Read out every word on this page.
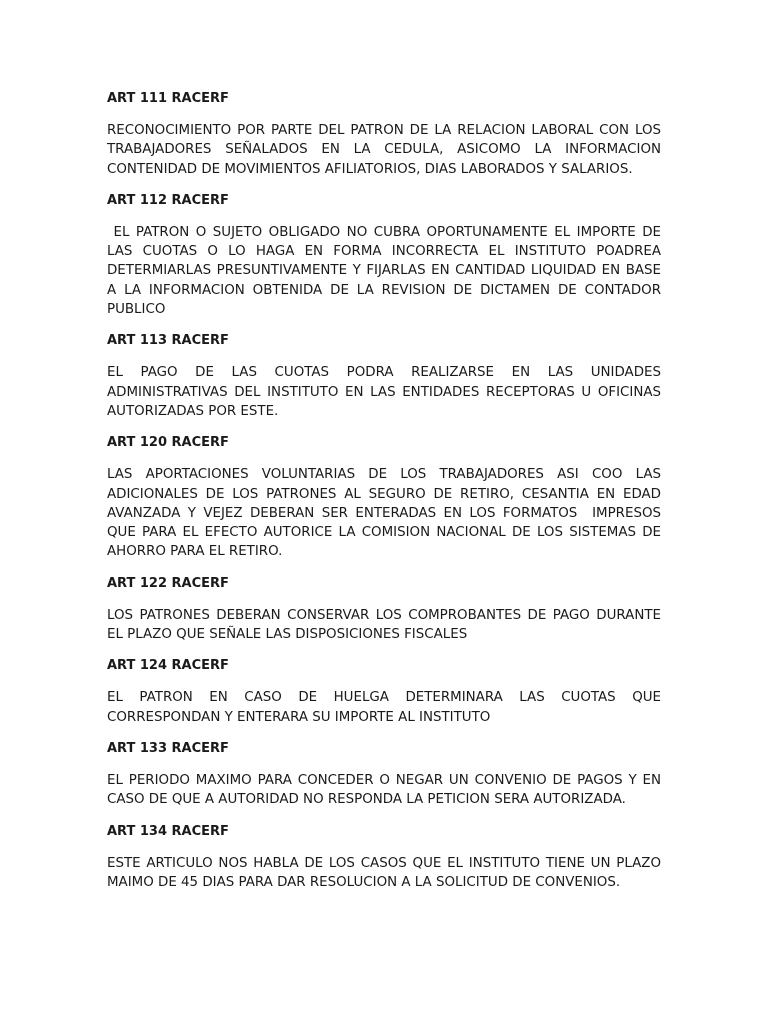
ART 111 RACERF

RECONOCIMIENTO POR PARTE DEL PATRON DE LA RELACION LABORAL CON LOS TRABAJADORES SEÑALADOS EN LA CEDULA, ASICOMO LA INFORMACION CONTENIDAD DE MOVIMIENTOS AFILIATORIOS, DIAS LABORADOS Y SALARIOS.

ART 112 RACERF

EL PATRON O SUJETO OBLIGADO NO CUBRA OPORTUNAMENTE EL IMPORTE DE LAS CUOTAS O LO HAGA EN FORMA INCORRECTA EL INSTITUTO POADREA DETERMIARLAS PRESUNTIVAMENTE Y FIJARLAS EN CANTIDAD LIQUIDAD EN BASE A LA INFORMACION OBTENIDA DE LA REVISION DE DICTAMEN DE CONTADOR PUBLICO

ART 113 RACERF

EL PAGO DE LAS CUOTAS PODRA REALIZARSE EN LAS UNIDADES ADMINISTRATIVAS DEL INSTITUTO EN LAS ENTIDADES RECEPTORAS U OFICINAS AUTORIZADAS POR ESTE.

ART 120 RACERF

LAS APORTACIONES VOLUNTARIAS DE LOS TRABAJADORES ASI COO LAS ADICIONALES DE LOS PATRONES AL SEGURO DE RETIRO, CESANTIA EN EDAD AVANZADA Y VEJEZ DEBERAN SER ENTERADAS EN LOS FORMATOS  IMPRESOS QUE PARA EL EFECTO AUTORICE LA COMISION NACIONAL DE LOS SISTEMAS DE AHORRO PARA EL RETIRO.

ART 122 RACERF

LOS PATRONES DEBERAN CONSERVAR LOS COMPROBANTES DE PAGO DURANTE EL PLAZO QUE SEÑALE LAS DISPOSICIONES FISCALES

ART 124 RACERF

EL PATRON EN CASO DE HUELGA DETERMINARA LAS CUOTAS QUE CORRESPONDAN Y ENTERARA SU IMPORTE AL INSTITUTO

ART 133 RACERF

EL PERIODO MAXIMO PARA CONCEDER O NEGAR UN CONVENIO DE PAGOS Y EN CASO DE QUE A AUTORIDAD NO RESPONDA LA PETICION SERA AUTORIZADA.

ART 134 RACERF

ESTE ARTICULO NOS HABLA DE LOS CASOS QUE EL INSTITUTO TIENE UN PLAZO MAIMO DE 45 DIAS PARA DAR RESOLUCION A LA SOLICITUD DE CONVENIOS.
